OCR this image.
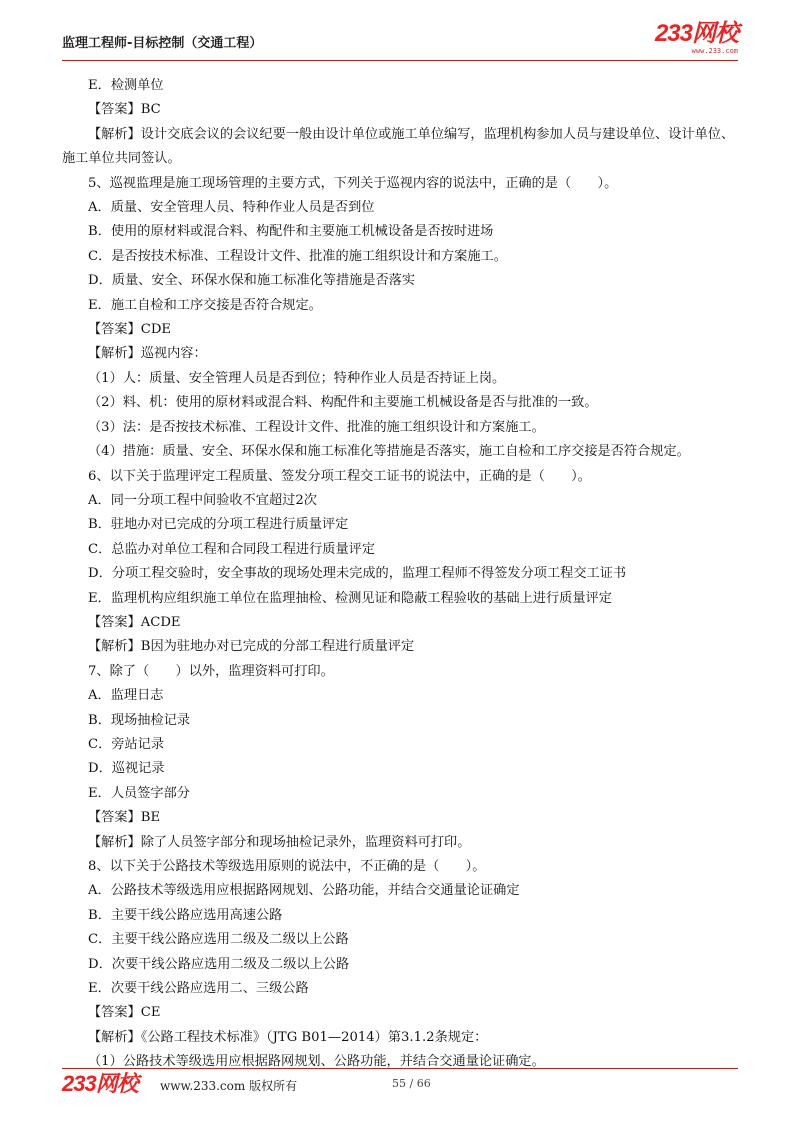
监理工程师-目标控制（交通工程）	233网校
www.233.com
E．检测单位
【答案】BC
【解析】设计交底会议的会议纪要一般由设计单位或施工单位编写，监理机构参加人员与建设单位、设计单位、施工单位共同签认。
5、巡视监理是施工现场管理的主要方式，下列关于巡视内容的说法中，正确的是（　　）。
A．质量、安全管理人员、特种作业人员是否到位
B．使用的原材料或混合料、构配件和主要施工机械设备是否按时进场
C．是否按技术标准、工程设计文件、批准的施工组织设计和方案施工。
D．质量、安全、环保水保和施工标准化等措施是否落实
E．施工自检和工序交接是否符合规定。
【答案】CDE
【解析】巡视内容：
（1）人：质量、安全管理人员是否到位；特种作业人员是否持证上岗。
（2）料、机：使用的原材料或混合料、构配件和主要施工机械设备是否与批准的一致。
（3）法：是否按技术标准、工程设计文件、批准的施工组织设计和方案施工。
（4）措施：质量、安全、环保水保和施工标准化等措施是否落实，施工自检和工序交接是否符合规定。
6、以下关于监理评定工程质量、签发分项工程交工证书的说法中，正确的是（　　）。
A．同一分项工程中间验收不宜超过2次
B．驻地办对已完成的分项工程进行质量评定
C．总监办对单位工程和合同段工程进行质量评定
D．分项工程交验时，安全事故的现场处理未完成的，监理工程师不得签发分项工程交工证书
E．监理机构应组织施工单位在监理抽检、检测见证和隐蔽工程验收的基础上进行质量评定
【答案】ACDE
【解析】B因为驻地办对已完成的分部工程进行质量评定
7、除了（　　）以外，监理资料可打印。
A．监理日志
B．现场抽检记录
C．旁站记录
D．巡视记录
E．人员签字部分
【答案】BE
【解析】除了人员签字部分和现场抽检记录外，监理资料可打印。
8、以下关于公路技术等级选用原则的说法中，不正确的是（　　）。
A．公路技术等级选用应根据路网规划、公路功能，并结合交通量论证确定
B．主要干线公路应选用高速公路
C．主要干线公路应选用二级及二级以上公路
D．次要干线公路应选用二级及二级以上公路
E．次要干线公路应选用二、三级公路
【答案】CE
【解析】《公路工程技术标准》（JTG B01—2014）第3.1.2条规定：
（1）公路技术等级选用应根据路网规划、公路功能，并结合交通量论证确定。
233网校 www.233.com 版权所有	55 / 66
